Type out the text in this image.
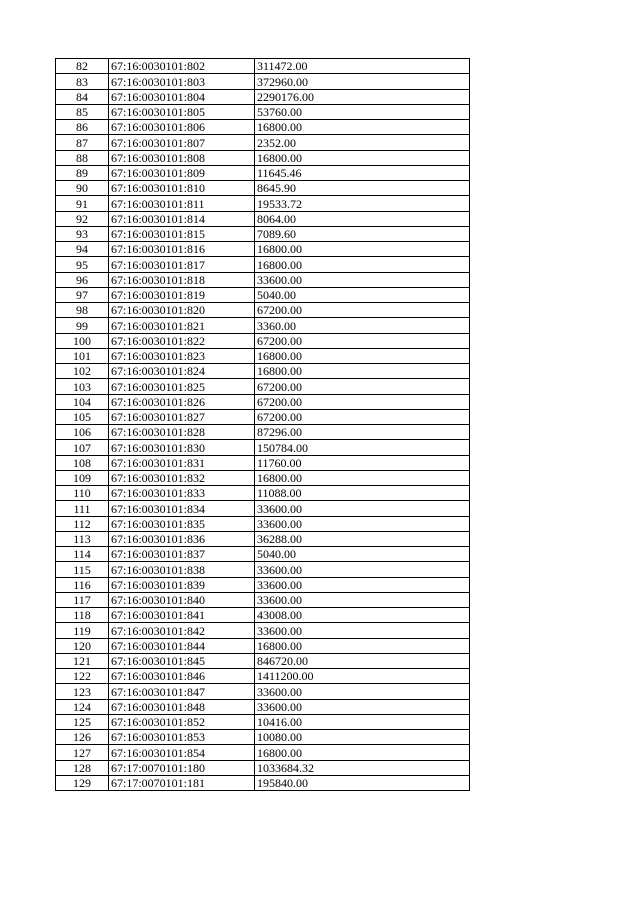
82	67:16:0030101:802	311472.00
83	67:16:0030101:803	372960.00
84	67:16:0030101:804	2290176.00
85	67:16:0030101:805	53760.00
86	67:16:0030101:806	16800.00
87	67:16:0030101:807	2352.00
88	67:16:0030101:808	16800.00
89	67:16:0030101:809	11645.46
90	67:16:0030101:810	8645.90
91	67:16:0030101:811	19533.72
92	67:16:0030101:814	8064.00
93	67:16:0030101:815	7089.60
94	67:16:0030101:816	16800.00
95	67:16:0030101:817	16800.00
96	67:16:0030101:818	33600.00
97	67:16:0030101:819	5040.00
98	67:16:0030101:820	67200.00
99	67:16:0030101:821	3360.00
100	67:16:0030101:822	67200.00
101	67:16:0030101:823	16800.00
102	67:16:0030101:824	16800.00
103	67:16:0030101:825	67200.00
104	67:16:0030101:826	67200.00
105	67:16:0030101:827	67200.00
106	67:16:0030101:828	87296.00
107	67:16:0030101:830	150784.00
108	67:16:0030101:831	11760.00
109	67:16:0030101:832	16800.00
110	67:16:0030101:833	11088.00
111	67:16:0030101:834	33600.00
112	67:16:0030101:835	33600.00
113	67:16:0030101:836	36288.00
114	67:16:0030101:837	5040.00
115	67:16:0030101:838	33600.00
116	67:16:0030101:839	33600.00
117	67:16:0030101:840	33600.00
118	67:16:0030101:841	43008.00
119	67:16:0030101:842	33600.00
120	67:16:0030101:844	16800.00
121	67:16:0030101:845	846720.00
122	67:16:0030101:846	1411200.00
123	67:16:0030101:847	33600.00
124	67:16:0030101:848	33600.00
125	67:16:0030101:852	10416.00
126	67:16:0030101:853	10080.00
127	67:16:0030101:854	16800.00
128	67:17:0070101:180	1033684.32
129	67:17:0070101:181	195840.00
